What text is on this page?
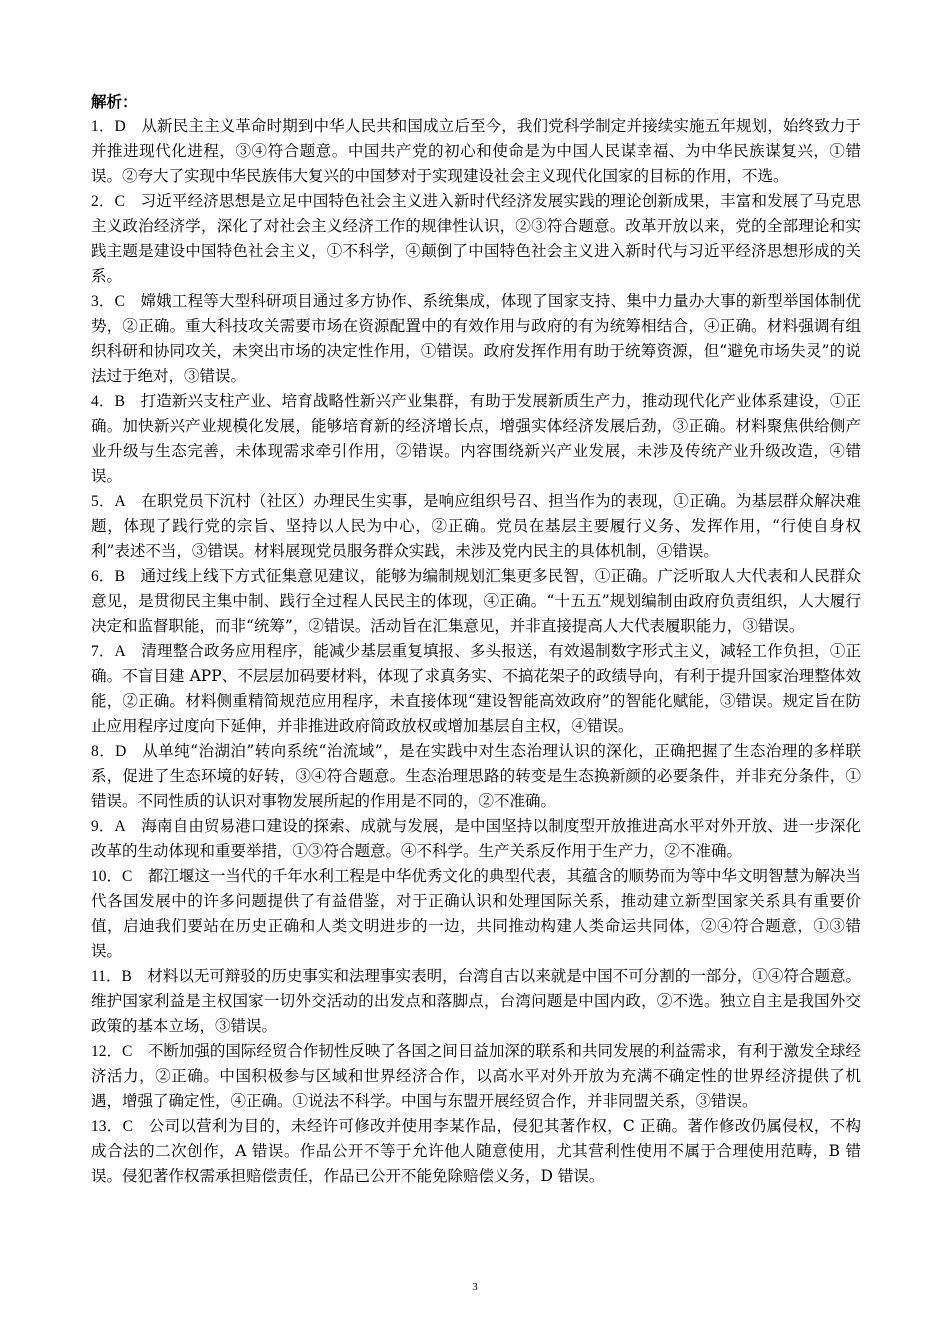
解析：

1．D  从新民主主义革命时期到中华人民共和国成立后至今，我们党科学制定并接续实施五年规划，始终致力于并推进现代化进程，③④符合题意。中国共产党的初心和使命是为中国人民谋幸福、为中华民族谋复兴，①错误。②夸大了实现中华民族伟大复兴的中国梦对于实现建设社会主义现代化国家的目标的作用，不选。

2．C  习近平经济思想是立足中国特色社会主义进入新时代经济发展实践的理论创新成果，丰富和发展了马克思主义政治经济学，深化了对社会主义经济工作的规律性认识，②③符合题意。改革开放以来，党的全部理论和实践主题是建设中国特色社会主义，①不科学，④颠倒了中国特色社会主义进入新时代与习近平经济思想形成的关系。

3．C  嫦娥工程等大型科研项目通过多方协作、系统集成，体现了国家支持、集中力量办大事的新型举国体制优势，②正确。重大科技攻关需要市场在资源配置中的有效作用与政府的有为统筹相结合，④正确。材料强调有组织科研和协同攻关，未突出市场的决定性作用，①错误。政府发挥作用有助于统筹资源，但“避免市场失灵”的说法过于绝对，③错误。

4．B  打造新兴支柱产业、培育战略性新兴产业集群，有助于发展新质生产力，推动现代化产业体系建设，①正确。加快新兴产业规模化发展，能够培育新的经济增长点，增强实体经济发展后劲，③正确。材料聚焦供给侧产业升级与生态完善，未体现需求牵引作用，②错误。内容围绕新兴产业发展，未涉及传统产业升级改造，④错误。

5．A  在职党员下沉村（社区）办理民生实事，是响应组织号召、担当作为的表现，①正确。为基层群众解决难题，体现了践行党的宗旨、坚持以人民为中心，②正确。党员在基层主要履行义务、发挥作用，“行使自身权利”表述不当，③错误。材料展现党员服务群众实践，未涉及党内民主的具体机制，④错误。

6．B  通过线上线下方式征集意见建议，能够为编制规划汇集更多民智，①正确。广泛听取人大代表和人民群众意见，是贯彻民主集中制、践行全过程人民民主的体现，④正确。“十五五”规划编制由政府负责组织，人大履行决定和监督职能，而非“统筹”，②错误。活动旨在汇集意见，并非直接提高人大代表履职能力，③错误。

7．A  清理整合政务应用程序，能减少基层重复填报、多头报送，有效遏制数字形式主义，减轻工作负担，①正确。不盲目建 APP、不层层加码要材料，体现了求真务实、不搞花架子的政绩导向，有利于提升国家治理整体效能，②正确。材料侧重精简规范应用程序，未直接体现“建设智能高效政府”的智能化赋能，③错误。规定旨在防止应用程序过度向下延伸，并非推进政府简政放权或增加基层自主权，④错误。

8．D  从单纯“治湖泊”转向系统“治流域”，是在实践中对生态治理认识的深化，正确把握了生态治理的多样联系，促进了生态环境的好转，③④符合题意。生态治理思路的转变是生态换新颜的必要条件，并非充分条件，①错误。不同性质的认识对事物发展所起的作用是不同的，②不准确。

9．A  海南自由贸易港口建设的探索、成就与发展，是中国坚持以制度型开放推进高水平对外开放、进一步深化改革的生动体现和重要举措，①③符合题意。④不科学。生产关系反作用于生产力，②不准确。

10．C  都江堰这一当代的千年水利工程是中华优秀文化的典型代表，其蕴含的顺势而为等中华文明智慧为解决当代各国发展中的许多问题提供了有益借鉴，对于正确认识和处理国际关系，推动建立新型国家关系具有重要价值，启迪我们要站在历史正确和人类文明进步的一边，共同推动构建人类命运共同体，②④符合题意，①③错误。

11．B  材料以无可辩驳的历史事实和法理事实表明，台湾自古以来就是中国不可分割的一部分，①④符合题意。维护国家利益是主权国家一切外交活动的出发点和落脚点，台湾问题是中国内政，②不选。独立自主是我国外交政策的基本立场，③错误。

12．C  不断加强的国际经贸合作韧性反映了各国之间日益加深的联系和共同发展的利益需求，有利于激发全球经济活力，②正确。中国积极参与区域和世界经济合作，以高水平对外开放为充满不确定性的世界经济提供了机遇，增强了确定性，④正确。①说法不科学。中国与东盟开展经贸合作，并非同盟关系，③错误。

13．C  公司以营利为目的，未经许可修改并使用李某作品，侵犯其著作权，C 正确。著作修改仍属侵权，不构成合法的二次创作，A 错误。作品公开不等于允许他人随意使用，尤其营利性使用不属于合理使用范畴，B 错误。侵犯著作权需承担赔偿责任，作品已公开不能免除赔偿义务，D 错误。

3
